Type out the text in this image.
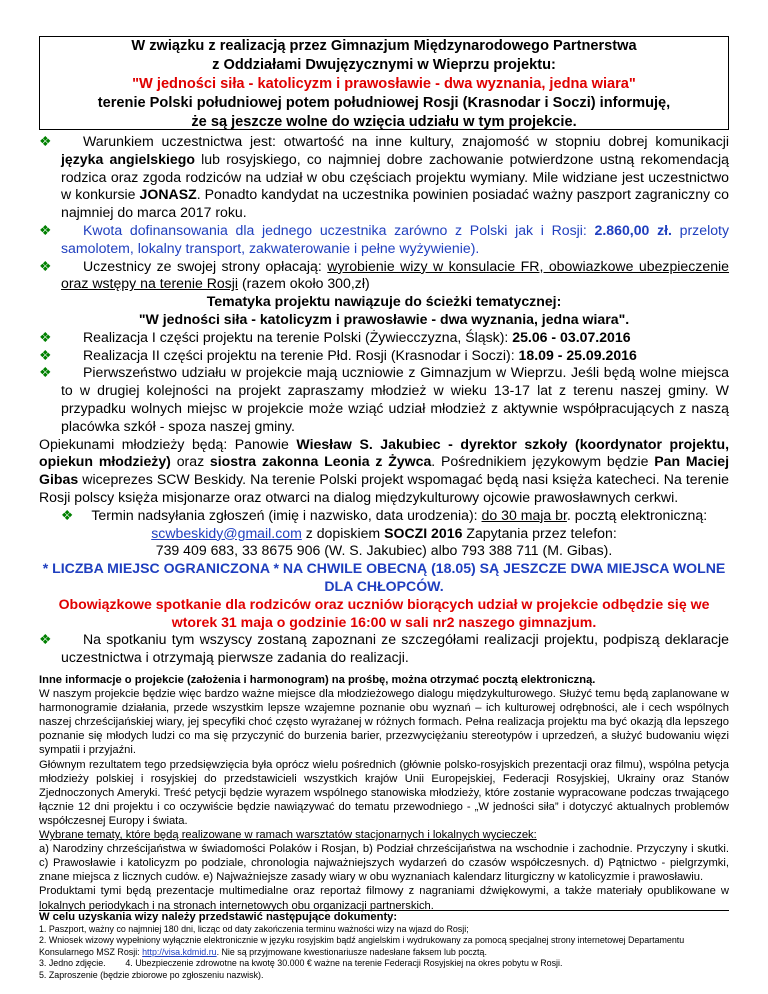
W związku z realizacją przez Gimnazjum Międzynarodowego Partnerstwa
z Oddziałami Dwujęzycznymi w Wieprzu projektu:
"W jedności siła - katolicyzm i prawosławie - dwa wyznania, jedna wiara"
terenie Polski południowej potem południowej Rosji (Krasnodar i Soczi) informuję,
że są jeszcze wolne do wzięcia udziału w tym projekcie.

❖ Warunkiem uczestnictwa jest: otwartość na inne kultury, znajomość w stopniu dobrej komunikacji języka angielskiego lub rosyjskiego, co najmniej dobre zachowanie potwierdzone ustną rekomendacją rodzica oraz zgoda rodziców na udział w obu częściach projektu wymiany. Mile widziane jest uczestnictwo w konkursie JONASZ. Ponadto kandydat na uczestnika powinien posiadać ważny paszport zagraniczny co najmniej do marca 2017 roku.

❖ Kwota dofinansowania dla jednego uczestnika zarówno z Polski jak i Rosji: 2.860,00 zł. przeloty samolotem, lokalny transport, zakwaterowanie i pełne wyżywienie).

❖ Uczestnicy ze swojej strony opłacają: wyrobienie wizy w konsulacie FR, obowiazkowe ubezpieczenie oraz wstępy na terenie Rosji (razem około 300,zł)

Tematyka projektu nawiązuje do ścieżki tematycznej:

"W jedności siła - katolicyzm i prawosławie - dwa wyznania, jedna wiara".

❖ Realizacja I części projektu na terenie Polski (Żywiecczyzna, Śląsk): 25.06 - 03.07.2016

❖ Realizacja II części projektu na terenie Płd. Rosji (Krasnodar i Soczi): 18.09 - 25.09.2016

❖ Pierwszeństwo udziału w projekcie mają uczniowie z Gimnazjum w Wieprzu. Jeśli będą wolne miejsca to w drugiej kolejności na projekt zapraszamy młodzież w wieku 13-17 lat z terenu naszej gminy. W przypadku wolnych miejsc w projekcie może wziąć udział młodzież z aktywnie współpracujących z naszą placówka szkół - spoza naszej gminy.

Opiekunami młodzieży będą: Panowie Wiesław S. Jakubiec - dyrektor szkoły (koordynator projektu, opiekun młodzieży) oraz siostra zakonna Leonia z Żywca. Pośrednikiem językowym będzie Pan Maciej Gibas wiceprezes SCW Beskidy. Na terenie Polski projekt wspomagać będą nasi księża katecheci. Na terenie Rosji polscy księża misjonarze oraz otwarci na dialog międzykulturowy ojcowie prawosławnych cerkwi.

❖ Termin nadsyłania zgłoszeń (imię i nazwisko, data urodzenia): do 30 maja br. pocztą elektroniczną: scwbeskidy@gmail.com z dopiskiem SOCZI 2016 Zapytania przez telefon:
739 409 683, 33 8675 906 (W. S. Jakubiec) albo 793 388 711 (M. Gibas).

* LICZBA MIEJSC OGRANICZONA * NA CHWILE OBECNĄ (18.05) SĄ JESZCZE DWA MIEJSCA WOLNE DLA CHŁOPCÓW.

Obowiązkowe spotkanie dla rodziców oraz uczniów biorących udział w projekcie odbędzie się we wtorek 31 maja o godzinie 16:00 w sali nr2 naszego gimnazjum.

❖ Na spotkaniu tym wszyscy zostaną zapoznani ze szczegółami realizacji projektu, podpiszą deklaracje uczestnictwa i otrzymają pierwsze zadania do realizacji.

Inne informacje o projekcie (założenia i harmonogram) na prośbę, można otrzymać pocztą elektroniczną.

W naszym projekcie będzie więc bardzo ważne miejsce dla młodzieżowego dialogu międzykulturowego. Służyć temu będą zaplanowane w harmonogramie działania, przede wszystkim lepsze wzajemne poznanie obu wyznań – ich kulturowej odrębności, ale i cech wspólnych naszej chrześcijańskiej wiary, jej specyfiki choć często wyrażanej w różnych formach. Pełna realizacja projektu ma być okazją dla lepszego poznanie się młodych ludzi co ma się przyczynić do burzenia barier, przezwyciężaniu stereotypów i uprzedzeń, a służyć budowaniu więzi sympatii i przyjaźni.

Głównym rezultatem tego przedsięwzięcia była oprócz wielu pośrednich (głównie polsko-rosyjskich prezentacji oraz filmu), wspólna petycja młodzieży polskiej i rosyjskiej do przedstawicieli wszystkich krajów Unii Europejskiej, Federacji Rosyjskiej, Ukrainy oraz Stanów Zjednoczonych Ameryki. Treść petycji będzie wyrazem wspólnego stanowiska młodzieży, które zostanie wypracowane podczas trwającego łącznie 12 dni projektu i co oczywiście będzie nawiązywać do tematu przewodniego - „W jedności siła” i dotyczyć aktualnych problemów współczesnej Europy i świata.

Wybrane tematy, które będą realizowane w ramach warsztatów stacjonarnych i lokalnych wycieczek:

a) Narodziny chrześcijaństwa w świadomości Polaków i Rosjan, b) Podział chrześcijaństwa na wschodnie i zachodnie. Przyczyny i skutki. c) Prawosławie i katolicyzm po podziale, chronologia najważniejszych wydarzeń do czasów współczesnych. d) Pątnictwo - pielgrzymki, znane miejsca z licznych cudów. e) Najważniejsze zasady wiary w obu wyznaniach kalendarz liturgiczny w katolicyzmie i prawosławiu.

Produktami tymi będą prezentacje multimedialne oraz reportaż filmowy z nagraniami dźwiękowymi, a także materiały opublikowane w lokalnych periodykach i na stronach internetowych obu organizacji partnerskich.

W celu uzyskania wizy należy przedstawić następujące dokumenty:

1. Paszport, ważny co najmniej 180 dni, licząc od daty zakończenia terminu ważności wizy na wjazd do Rosji;

2. Wniosek wizowy wypełniony wyłącznie elektronicznie w języku rosyjskim bądź angielskim i wydrukowany za pomocą specjalnej strony internetowej Departamentu Konsularnego MSZ Rosji: http://visa.kdmid.ru. Nie są przyjmowane kwestionariusze nadesłane faksem lub pocztą.

3. Jedno zdjęcie.        4. Ubezpieczenie zdrowotne na kwotę 30.000 € ważne na terenie Federacji Rosyjskiej na okres pobytu w Rosji.

5. Zaproszenie (będzie zbiorowe po zgłoszeniu nazwisk).
